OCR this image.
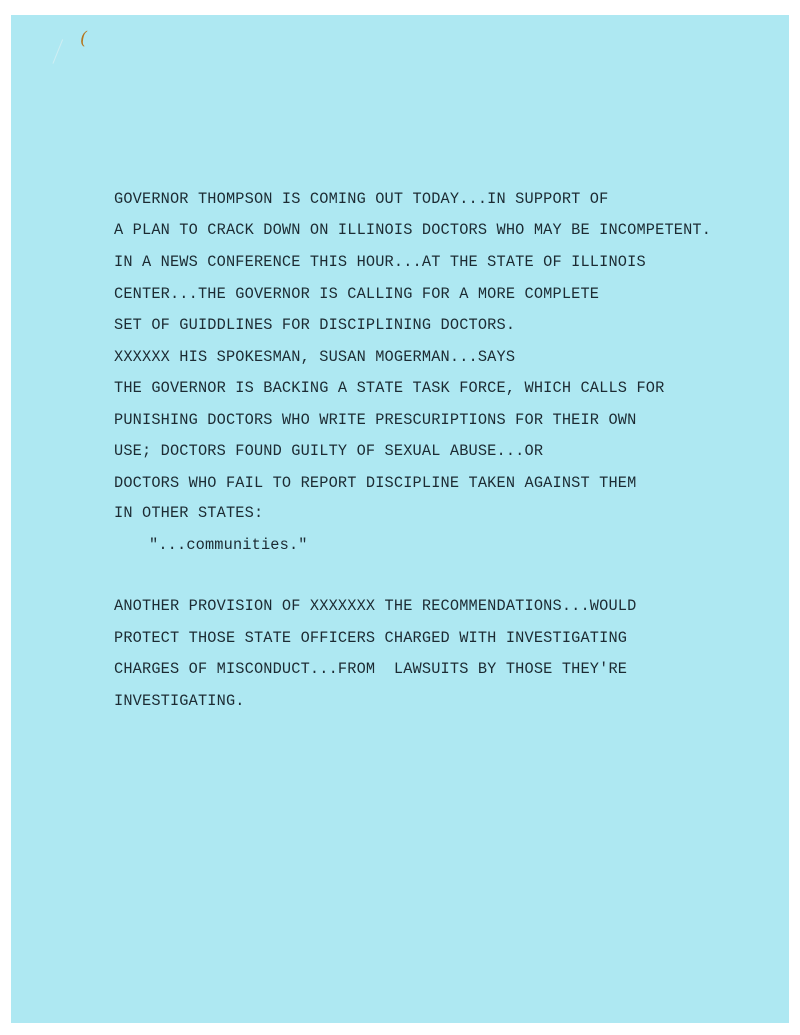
(
GOVERNOR THOMPSON IS COMING OUT TODAY...IN SUPPORT OF
A PLAN TO CRACK DOWN ON ILLINOIS DOCTORS WHO MAY BE INCOMPETENT.
IN A NEWS CONFERENCE THIS HOUR...AT THE STATE OF ILLINOIS
CENTER...THE GOVERNOR IS CALLING FOR A MORE COMPLETE
SET OF GUIDDLINES FOR DISCIPLINING DOCTORS.
XXXXXX HIS SPOKESMAN, SUSAN MOGERMAN...SAYS
THE GOVERNOR IS BACKING A STATE TASK FORCE, WHICH CALLS FOR
PUNISHING DOCTORS WHO WRITE PRESCURIPTIONS FOR THEIR OWN
USE; DOCTORS FOUND GUILTY OF SEXUAL ABUSE...OR
DOCTORS WHO FAIL TO REPORT DISCIPLINE TAKEN AGAINST THEM
IN OTHER STATES:
"...communities."
ANOTHER PROVISION OF XXXXXXX THE RECOMMENDATIONS...WOULD
PROTECT THOSE STATE OFFICERS CHARGED WITH INVESTIGATING
CHARGES OF MISCONDUCT...FROM  LAWSUITS BY THOSE THEY'RE
INVESTIGATING.
